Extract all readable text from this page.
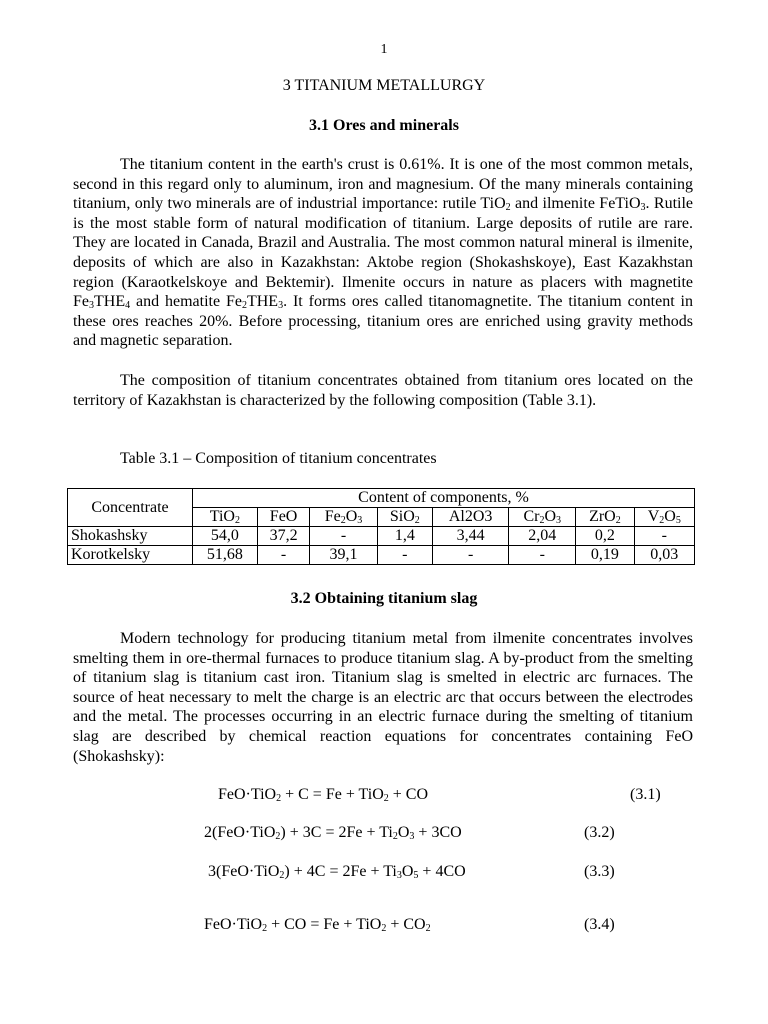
1
3 TITANIUM METALLURGY
3.1 Ores and minerals

The titanium content in the earth's crust is 0.61%. It is one of the most common metals, second in this regard only to aluminum, iron and magnesium. Of the many minerals containing titanium, only two minerals are of industrial importance: rutile TiO$_2$ and ilmenite FeTiO$_3$. Rutile is the most stable form of natural modification of titanium. Large deposits of rutile are rare. They are located in Canada, Brazil and Australia. The most common natural mineral is ilmenite, deposits of which are also in Kazakhstan: Aktobe region (Shokashskoye), East Kazakhstan region (Karaotkelskoye and Bektemir). Ilmenite occurs in nature as placers with magnetite $Fe_3THE_4$ and hematite $Fe_2THE_3$. It forms ores called titanomagnetite. The titanium content in these ores reaches 20%. Before processing, titanium ores are enriched using gravity methods and magnetic separation.

The composition of titanium concentrates obtained from titanium ores located on the territory of Kazakhstan is characterized by the following composition (Table 3.1).

Table 3.1 – Composition of titanium concentrates
Concentrate	Content of components, %							
	TiO$_2$	FeO	$Fe_2O_3$	SiO$_2$	Al2O3	$Cr_2O_3$	ZrO$_2$	$V_2O_5$
Shokashsky	54,0	37,2	-	1,4	3,44	2,04	0,2	-
Korotkelsky	51,68	-	39,1	-	-	-	0,19	0,03
3.2 Obtaining titanium slag

Modern technology for producing titanium metal from ilmenite concentrates involves smelting them in ore-thermal furnaces to produce titanium slag. A by-product from the smelting of titanium slag is titanium cast iron. Titanium slag is smelted in electric arc furnaces. The source of heat necessary to melt the charge is an electric arc that occurs between the electrodes and the metal. The processes occurring in an electric furnace during the smelting of titanium slag are described by chemical reaction equations for concentrates containing FeO (Shokashsky):

FeO·TiO$_2$ + C = Fe + TiO$_2$ + CO	(3.1)
$2(FeO\cdot TiO_2) + 3C = 2Fe + Ti_2O_3 + 3CO$	(3.2)
$3(FeO\cdot TiO_2) + 4C = 2Fe + Ti_3O_5 + 4CO$	(3.3)
FeO·TiO$_2$ + CO = $Fe + TiO_2 + CO_2$	(3.4)
